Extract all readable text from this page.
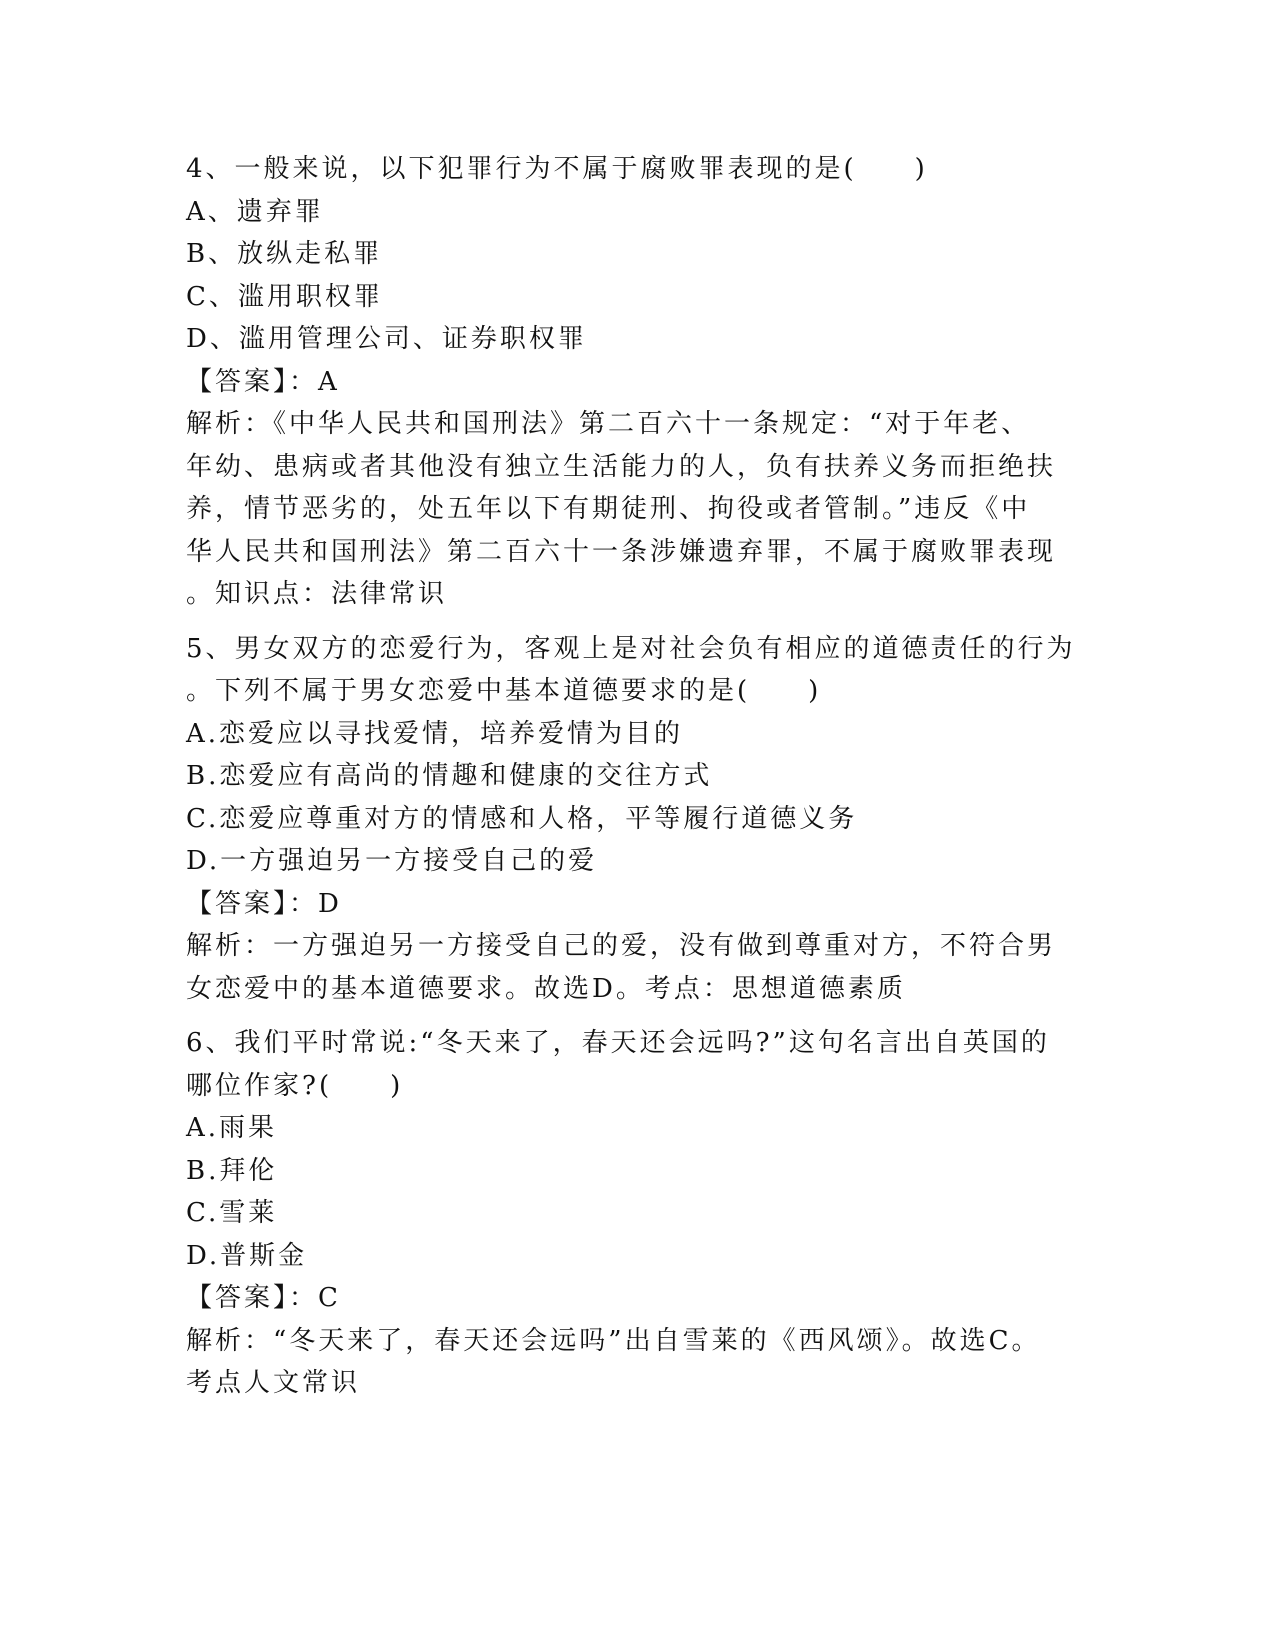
4、一般来说，以下犯罪行为不属于腐败罪表现的是(　　)
A、遗弃罪
B、放纵走私罪
C、滥用职权罪
D、滥用管理公司、证券职权罪
【答案】：A
解析：《中华人民共和国刑法》第二百六十一条规定：“对于年老、
年幼、患病或者其他没有独立生活能力的人，负有扶养义务而拒绝扶
养，情节恶劣的，处五年以下有期徒刑、拘役或者管制。”违反《中
华人民共和国刑法》第二百六十一条涉嫌遗弃罪，不属于腐败罪表现
。知识点：法律常识
5、男女双方的恋爱行为，客观上是对社会负有相应的道德责任的行为
。下列不属于男女恋爱中基本道德要求的是(　　)
A.恋爱应以寻找爱情，培养爱情为目的
B.恋爱应有高尚的情趣和健康的交往方式
C.恋爱应尊重对方的情感和人格，平等履行道德义务
D.一方强迫另一方接受自己的爱
【答案】：D
解析：一方强迫另一方接受自己的爱，没有做到尊重对方，不符合男
女恋爱中的基本道德要求。故选D。考点：思想道德素质
6、我们平时常说:“冬天来了，春天还会远吗?”这句名言出自英国的
哪位作家?(　　)
A.雨果
B.拜伦
C.雪莱
D.普斯金
【答案】：C
解析：“冬天来了，春天还会远吗”出自雪莱的《西风颂》。故选C。
考点人文常识
